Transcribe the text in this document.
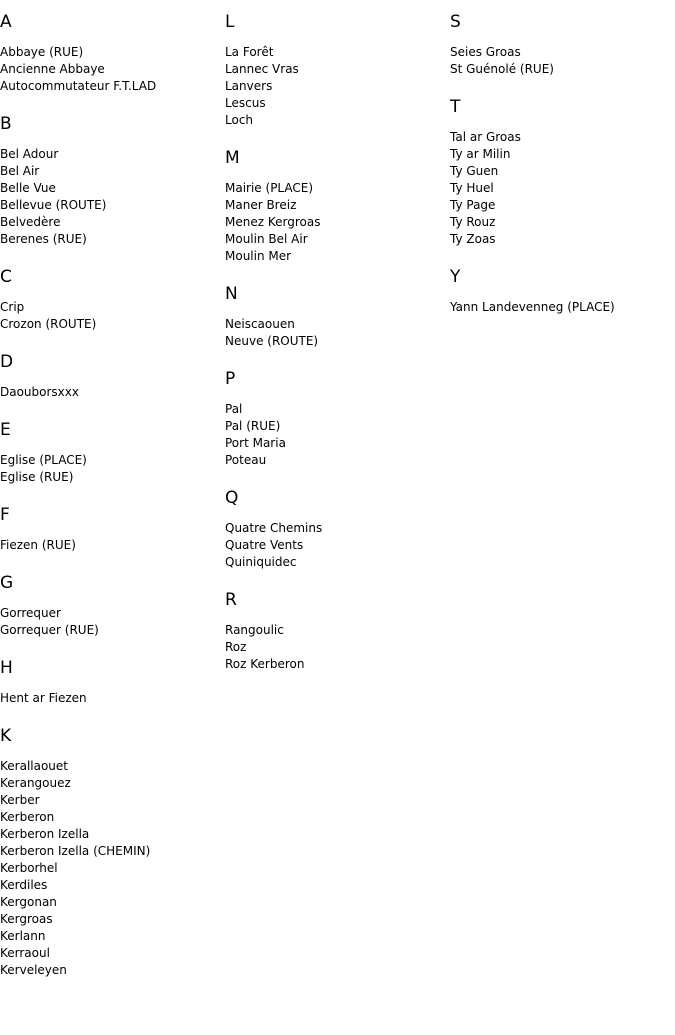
A
Abbaye (RUE)
Ancienne Abbaye
Autocommutateur F.T.LAD
B
Bel Adour
Bel Air
Belle Vue
Bellevue (ROUTE)
Belvedère
Berenes (RUE)
C
Crip
Crozon (ROUTE)
D
Daouborsxxx
E
Eglise (PLACE)
Eglise (RUE)
F
Fiezen (RUE)
G
Gorrequer
Gorrequer (RUE)
H
Hent ar Fiezen
K
Kerallaouet
Kerangouez
Kerber
Kerberon
Kerberon Izella
Kerberon Izella (CHEMIN)
Kerborhel
Kerdiles
Kergonan
Kergroas
Kerlann
Kerraoul
Kerveleyen
L
La Forêt
Lannec Vras
Lanvers
Lescus
Loch
M
Mairie (PLACE)
Maner Breiz
Menez Kergroas
Moulin Bel Air
Moulin Mer
N
Neiscaouen
Neuve (ROUTE)
P
Pal
Pal (RUE)
Port Maria
Poteau
Q
Quatre Chemins
Quatre Vents
Quiniquidec
R
Rangoulic
Roz
Roz Kerberon
S
Seies Groas
St Guénolé (RUE)
T
Tal ar Groas
Ty ar Milin
Ty Guen
Ty Huel
Ty Page
Ty Rouz
Ty Zoas
Y
Yann Landevenneg (PLACE)
